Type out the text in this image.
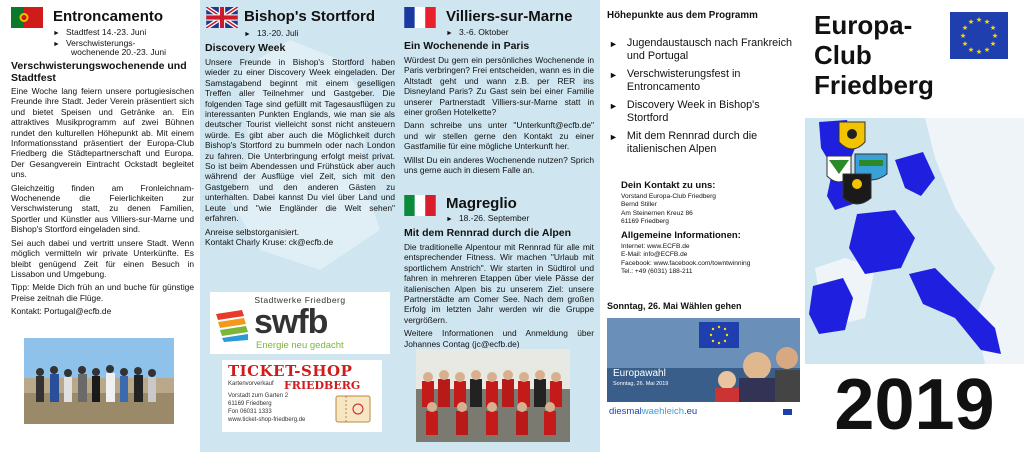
Entroncamento
► Stadtfest 14.-23. Juni
► Verschwisterungs-
wochenende 20.-23. Juni
Verschwisterungswochenende und Stadtfest

Eine Woche lang feiern unsere portugiesischen Freunde ihre Stadt. Jeder Verein präsentiert sich und bietet Speisen und Getränke an. Ein attraktives Musikprogramm auf zwei Bühnen rundet den kulturellen Höhepunkt ab. Mit einem Informationsstand präsentiert der Europa-Club Friedberg die Städtepartnerschaft und Europa. Der Gesangverein Eintracht Ockstadt begleitet uns.

Gleichzeitig finden am Fronleichnam-Wochenende die Feierlichkeiten zur Verschwisterung statt, zu denen Familien, Sportler und Künstler aus Villiers-sur-Marne und Bishop's Stortford eingeladen sind.

Sei auch dabei und vertritt unsere Stadt. Wenn möglich vermitteln wir private Unterkünfte. Es bleibt genügend Zeit für einen Besuch in Lissabon und Umgebung.

Tipp: Melde Dich früh an und buche für günstige Preise zeitnah die Flüge.

Kontakt: Portugal@ecfb.de

Bishop's Stortford
► 13.-20. Juli
Discovery Week

Unsere Freunde in Bishop's Stortford haben wieder zu einer Discovery Week eingeladen. Der Samstagabend beginnt mit einem geselligen Treffen aller Teilnehmer und Gastgeber. Die folgenden Tage sind gefüllt mit Tagesausflügen zu interessanten Punkten Englands, wie man sie als deutscher Tourist vielleicht sonst nicht ansteuern würde. Es gibt aber auch die Möglichkeit durch Bishop's Stortford zu bummeln oder nach London zu fahren. Die Unterbringung erfolgt meist privat. So ist beim Abendessen und Frühstück aber auch während der Ausflüge viel Zeit, sich mit den Gastgebern und den anderen Gästen zu unterhalten. Dabei kannst Du viel über Land und Leute und "wie Engländer die Welt sehen" erfahren.

Anreise selbstorganisiert.

Kontakt Charly Kruse: ck@ecfb.de

Stadtwerke Friedberg
swfb
Energie neu gedacht
TICKET-SHOP
FRIEDBERG
Kartenvorverkauf
Vorstadt zum Garten 2
61169 Friedberg
Fon 06031 1333
www.ticket-shop-friedberg.de
Villiers-sur-Marne
► 3.-6. Oktober
Ein Wochenende in Paris

Würdest Du gern ein persönliches Wochenende in Paris verbringen? Frei entscheiden, wann es in die Altstadt geht und wann z.B. per RER ins Disneyland Paris? Zu Gast sein bei einer Familie unserer Partnerstadt Villiers-sur-Marne statt in einer großen Hotelkette?

Dann schreibe uns unter "Unterkunft@ecfb.de" und wir stellen gerne den Kontakt zu einer Gastfamilie für eine mögliche Unterkunft her.

Willst Du ein anderes Wochenende nutzen? Sprich uns gerne auch in diesem Falle an.

Magreglio
► 18.-26. September
Mit dem Rennrad durch die Alpen

Die traditionelle Alpentour mit Rennrad für alle mit entsprechender Fitness. Wir machen "Urlaub mit sportlichem Anstrich". Wir starten in Südtirol und fahren in mehreren Etappen über viele Pässe der italienischen Alpen bis zu unserem Ziel: unsere Partnerstädte am Comer See. Nach dem großen Erfolg im letzten Jahr werden wir die Gruppe vergrößern.

Weitere Informationen und Anmeldung über Johannes Contag (jc@ecfb.de)

Höhepunkte aus dem Programm
► Jugendaustausch nach Frankreich und Portugal
► Verschwisterungsfest in Entroncamento
► Discovery Week in Bishop's Stortford
► Mit dem Rennrad durch die italienischen Alpen
Dein Kontakt zu uns:
Vorstand Europa-Club Friedberg
Bernd Stiller
Am Steinernen Kreuz 86
61169 Friedberg
Allgemeine Informationen:
Internet: www.ECFB.de
E-Mail: info@ECFB.de
Facebook: www.facebook.com/towntwinning
Tel.: +49 (6031) 188-211
Sonntag, 26. Mai Wählen gehen
Europawahl
Sonntag, 26. Mai 2019
diesmalwaehleich.eu
Europa-
Club
Friedberg
★ ★
★
★
★
★
★
★
★
★
★
★
2019
